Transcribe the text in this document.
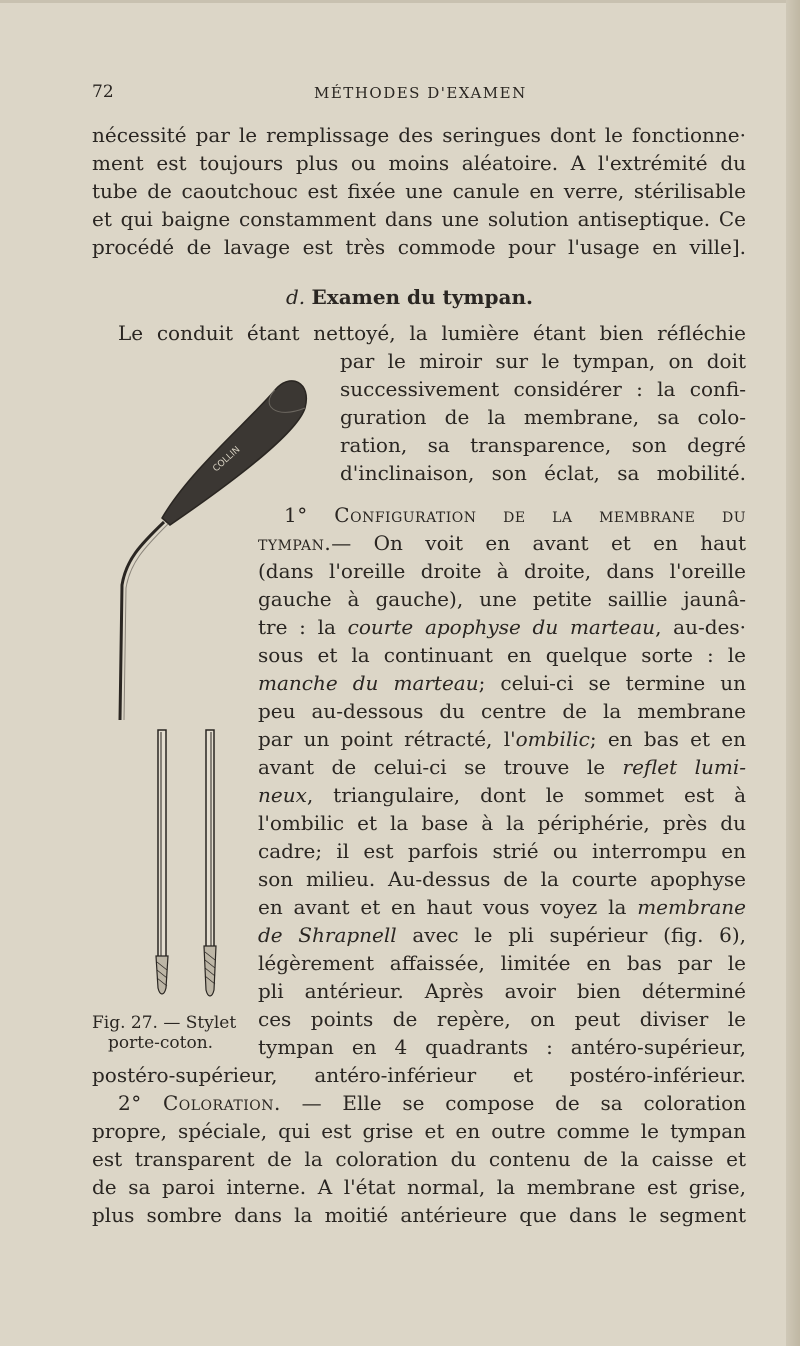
72	MÉTHODES D'EXAMEN
nécessité par le remplissage des seringues dont le fonctionne·
ment est toujours plus ou moins aléatoire. A l'extrémité du
tube de caoutchouc est fixée une canule en verre, stérilisable
et qui baigne constamment dans une solution antiseptique. Ce
procédé de lavage est très commode pour l'usage en ville].
d. Examen du tympan.
Le conduit étant nettoyé, la lumière étant bien réfléchie
par le miroir sur le tympan, on doit
successivement considérer : la confi-
guration de la membrane, sa colo-
ration, sa transparence, son degré
d'inclinaison, son éclat, sa mobilité.
1° Configuration de la membrane du
tympan. — On voit en avant et en haut
(dans l'oreille droite à droite, dans l'oreille
gauche à gauche), une petite saillie jaunâ-
tre : la courte apophyse du marteau, au-des·
sous et la continuant en quelque sorte : le
manche du marteau; celui-ci se termine un
peu au-dessous du centre de la membrane
par un point rétracté, l'ombilic; en bas et en
avant de celui-ci se trouve le reflet lumi-
neux, triangulaire, dont le sommet est à
l'ombilic et la base à la périphérie, près du
cadre; il est parfois strié ou interrompu en
son milieu. Au-dessus de la courte apophyse
en avant et en haut vous voyez la membrane
de Shrapnell avec le pli supérieur (fig. 6),
légèrement affaissée, limitée en bas par le
pli antérieur. Après avoir bien déterminé
ces points de repère, on peut diviser le
tympan en 4 quadrants : antéro-supérieur,
postéro-supérieur, antéro-inférieur et postéro-inférieur.
2° Coloration. — Elle se compose de sa coloration
propre, spéciale, qui est grise et en outre comme le tympan
est transparent de la coloration du contenu de la caisse et
de sa paroi interne. A l'état normal, la membrane est grise,
plus sombre dans la moitié antérieure que dans le segment
COLLIN
Fig. 27. — Stylet
porte-coton.
